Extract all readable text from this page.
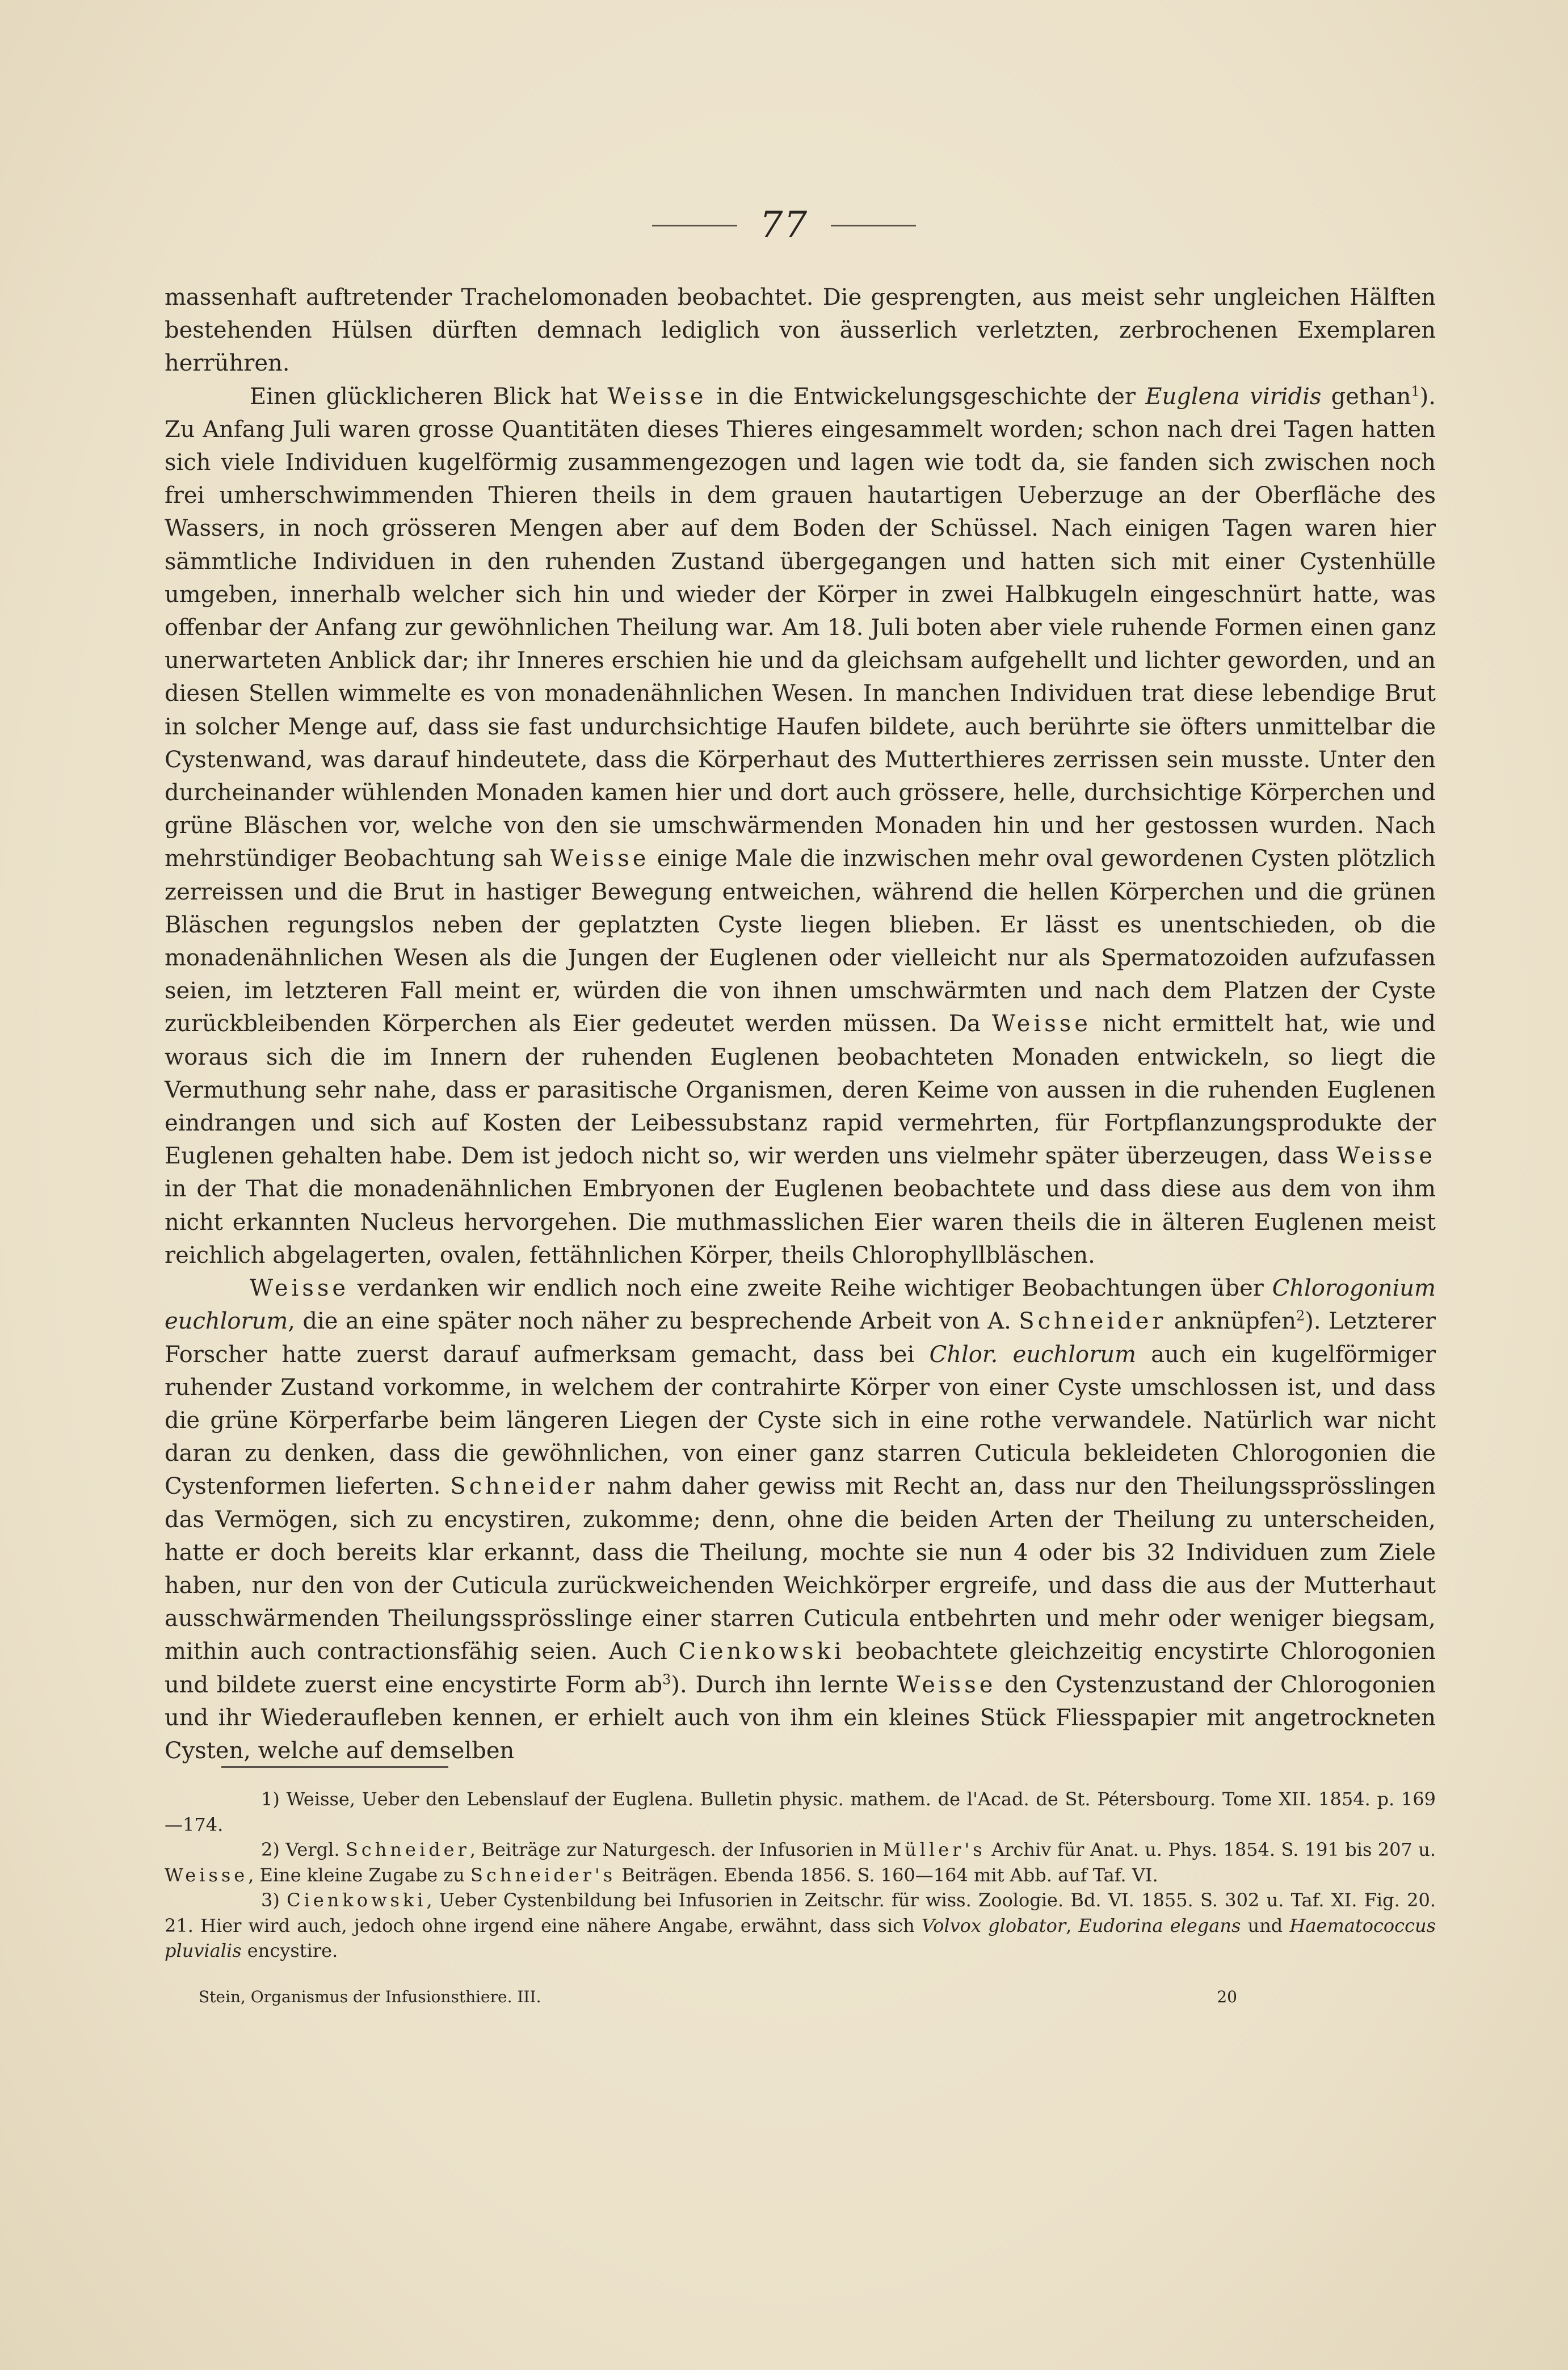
77

massenhaft auftretender Trachelomonaden beobachtet. Die gesprengten, aus meist sehr ungleichen Hälften bestehenden Hülsen dürften demnach lediglich von äusserlich verletzten, zerbrochenen Exemplaren herrühren.

Einen glücklicheren Blick hat Weisse in die Entwickelungsgeschichte der Euglena viridis gethan$^1$). Zu Anfang Juli waren grosse Quantitäten dieses Thieres eingesammelt worden; schon nach drei Tagen hatten sich viele Individuen kugelförmig zusammengezogen und lagen wie todt da, sie fanden sich zwischen noch frei umherschwimmenden Thieren theils in dem grauen hautartigen Ueberzuge an der Oberfläche des Wassers, in noch grösseren Mengen aber auf dem Boden der Schüssel. Nach einigen Tagen waren hier sämmtliche Individuen in den ruhenden Zustand übergegangen und hatten sich mit einer Cystenhülle umgeben, innerhalb welcher sich hin und wieder der Körper in zwei Halbkugeln eingeschnürt hatte, was offenbar der Anfang zur gewöhnlichen Theilung war. Am 18. Juli boten aber viele ruhende Formen einen ganz unerwarteten Anblick dar; ihr Inneres erschien hie und da gleichsam aufgehellt und lichter geworden, und an diesen Stellen wimmelte es von monadenähnlichen Wesen. In manchen Individuen trat diese lebendige Brut in solcher Menge auf, dass sie fast undurchsichtige Haufen bildete, auch berührte sie öfters unmittelbar die Cystenwand, was darauf hindeutete, dass die Körperhaut des Mutterthieres zerrissen sein musste. Unter den durcheinander wühlenden Monaden kamen hier und dort auch grössere, helle, durchsichtige Körperchen und grüne Bläschen vor, welche von den sie umschwärmenden Monaden hin und her gestossen wurden. Nach mehrstündiger Beobachtung sah Weisse einige Male die inzwischen mehr oval gewordenen Cysten plötzlich zerreissen und die Brut in hastiger Bewegung entweichen, während die hellen Körperchen und die grünen Bläschen regungslos neben der geplatzten Cyste liegen blieben. Er lässt es unentschieden, ob die monadenähnlichen Wesen als die Jungen der Euglenen oder vielleicht nur als Spermatozoiden aufzufassen seien, im letzteren Fall meint er, würden die von ihnen umschwärmten und nach dem Platzen der Cyste zurückbleibenden Körperchen als Eier gedeutet werden müssen. Da Weisse nicht ermittelt hat, wie und woraus sich die im Innern der ruhenden Euglenen beobachteten Monaden entwickeln, so liegt die Vermuthung sehr nahe, dass er parasitische Organismen, deren Keime von aussen in die ruhenden Euglenen eindrangen und sich auf Kosten der Leibessubstanz rapid vermehrten, für Fortpflanzungsprodukte der Euglenen gehalten habe. Dem ist jedoch nicht so, wir werden uns vielmehr später überzeugen, dass Weisse in der That die monadenähnlichen Embryonen der Euglenen beobachtete und dass diese aus dem von ihm nicht erkannten Nucleus hervorgehen. Die muthmasslichen Eier waren theils die in älteren Euglenen meist reichlich abgelagerten, ovalen, fettähnlichen Körper, theils Chlorophyllbläschen.

Weisse verdanken wir endlich noch eine zweite Reihe wichtiger Beobachtungen über Chlorogonium euchlorum, die an eine später noch näher zu besprechende Arbeit von A. Schneider anknüpfen$^2$). Letzterer Forscher hatte zuerst darauf aufmerksam gemacht, dass bei Chlor. euchlorum auch ein kugelförmiger ruhender Zustand vorkomme, in welchem der contrahirte Körper von einer Cyste umschlossen ist, und dass die grüne Körperfarbe beim längeren Liegen der Cyste sich in eine rothe verwandele. Natürlich war nicht daran zu denken, dass die gewöhnlichen, von einer ganz starren Cuticula bekleideten Chlorogonien die Cystenformen lieferten. Schneider nahm daher gewiss mit Recht an, dass nur den Theilungssprösslingen das Vermögen, sich zu encystiren, zukomme; denn, ohne die beiden Arten der Theilung zu unterscheiden, hatte er doch bereits klar erkannt, dass die Theilung, mochte sie nun 4 oder bis 32 Individuen zum Ziele haben, nur den von der Cuticula zurückweichenden Weichkörper ergreife, und dass die aus der Mutterhaut ausschwärmenden Theilungssprösslinge einer starren Cuticula entbehrten und mehr oder weniger biegsam, mithin auch contractionsfähig seien. Auch Cienkowski beobachtete gleichzeitig encystirte Chlorogonien und bildete zuerst eine encystirte Form $ab^3$). Durch ihn lernte Weisse den Cystenzustand der Chlorogonien und ihr Wiederaufleben kennen, er erhielt auch von ihm ein kleines Stück Fliesspapier mit angetrockneten Cysten, welche auf demselben

1) Weisse, Ueber den Lebenslauf der Euglena. Bulletin physic. mathem. de l'Acad. de St. Pétersbourg. Tome XII. 1854. p. 169—174.

2) Vergl. Schneider, Beiträge zur Naturgesch. der Infusorien in Müller's Archiv für Anat. u. Phys. 1854. S. 191 bis 207 u. Weisse, Eine kleine Zugabe zu Schneider's Beiträgen. Ebenda 1856. S. 160—164 mit Abb. auf Taf. VI.

3) Cienkowski, Ueber Cystenbildung bei Infusorien in Zeitschr. für wiss. Zoologie. Bd. VI. 1855. S. 302 u. Taf. XI. Fig. 20. 21. Hier wird auch, jedoch ohne irgend eine nähere Angabe, erwähnt, dass sich Volvox globator, Eudorina elegans und Haematococcus pluvialis encystire.

Stein, Organismus der Infusionsthiere. III.	20
